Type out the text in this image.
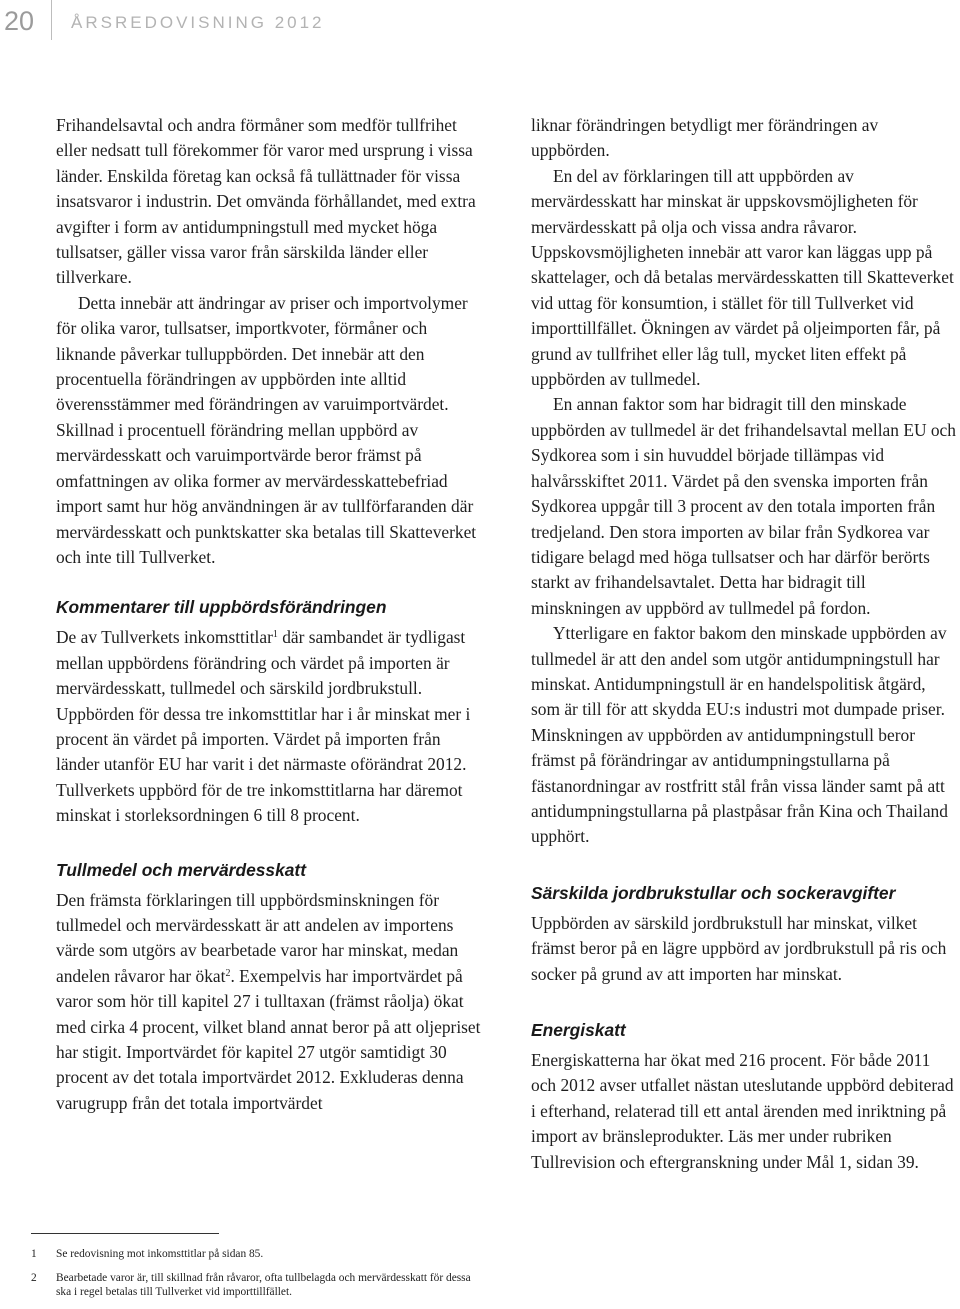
20 ÅRSREDOVISNING 2012

Frihandelsavtal och andra förmåner som medför tullfrihet eller nedsatt tull förekommer för varor med ursprung i vissa länder. Enskilda företag kan också få tullättnader för vissa insatsvaror i industrin. Det omvända förhållandet, med extra avgifter i form av antidumpningstull med mycket höga tullsatser, gäller vissa varor från särskilda länder eller tillverkare.

Detta innebär att ändringar av priser och importvolymer för olika varor, tullsatser, importkvoter, förmåner och liknande påverkar tulluppbörden. Det innebär att den procentuella förändringen av uppbörden inte alltid överensstämmer med förändringen av varuimportvärdet. Skillnad i procentuell förändring mellan uppbörd av mervärdesskatt och varuimportvärde beror främst på omfattningen av olika former av mervärdesskattebefriad import samt hur hög användningen är av tullförfaranden där mervärdesskatt och punktskatter ska betalas till Skatteverket och inte till Tullverket.

Kommentarer till uppbördsförändringen

De av Tullverkets inkomsttitlar$^1$ där sambandet är tydligast mellan uppbördens förändring och värdet på importen är mervärdesskatt, tullmedel och särskild jordbrukstull. Uppbörden för dessa tre inkomsttitlar har i år minskat mer i procent än värdet på importen. Värdet på importen från länder utanför EU har varit i det närmaste oförändrat 2012. Tullverkets uppbörd för de tre inkomsttitlarna har däremot minskat i storleksordningen 6 till 8 procent.

Tullmedel och mervärdesskatt

Den främsta förklaringen till uppbördsminskningen för tullmedel och mervärdesskatt är att andelen av importens värde som utgörs av bearbetade varor har minskat, medan andelen råvaror har ökat$^2$. Exempelvis har importvärdet på varor som hör till kapitel 27 i tulltaxan (främst råolja) ökat med cirka 4 procent, vilket bland annat beror på att oljepriset har stigit. Importvärdet för kapitel 27 utgör samtidigt 30 procent av det totala importvärdet 2012. Exkluderas denna varugrupp från det totala importvärdet

liknar förändringen betydligt mer förändringen av uppbörden.

En del av förklaringen till att uppbörden av mervärdesskatt har minskat är uppskovsmöjligheten för mervärdesskatt på olja och vissa andra råvaror. Uppskovsmöjligheten innebär att varor kan läggas upp på skattelager, och då betalas mervärdesskatten till Skatteverket vid uttag för konsumtion, i stället för till Tullverket vid importtillfället. Ökningen av värdet på oljeimporten får, på grund av tullfrihet eller låg tull, mycket liten effekt på uppbörden av tullmedel.

En annan faktor som har bidragit till den minskade uppbörden av tullmedel är det frihandelsavtal mellan EU och Sydkorea som i sin huvuddel började tillämpas vid halvårsskiftet 2011. Värdet på den svenska importen från Sydkorea uppgår till 3 procent av den totala importen från tredjeland. Den stora importen av bilar från Sydkorea var tidigare belagd med höga tullsatser och har därför berörts starkt av frihandelsavtalet. Detta har bidragit till minskningen av uppbörd av tullmedel på fordon.

Ytterligare en faktor bakom den minskade uppbörden av tullmedel är att den andel som utgör antidumpningstull har minskat. Antidumpningstull är en handelspolitisk åtgärd, som är till för att skydda EU:s industri mot dumpade priser. Minskningen av uppbörden av antidumpningstull beror främst på förändringar av antidumpningstullarna på fästanordningar av rostfritt stål från vissa länder samt på att antidumpningstullarna på plastpåsar från Kina och Thailand upphört.

Särskilda jordbrukstullar och sockeravgifter

Uppbörden av särskild jordbrukstull har minskat, vilket främst beror på en lägre uppbörd av jordbrukstull på ris och socker på grund av att importen har minskat.

Energiskatt

Energiskatterna har ökat med 216 procent. För både 2011 och 2012 avser utfallet nästan uteslutande uppbörd debiterad i efterhand, relaterad till ett antal ärenden med inriktning på import av bränsleprodukter. Läs mer under rubriken Tullrevision och eftergranskning under Mål 1, sidan 39.

1 Se redovisning mot inkomsttitlar på sidan 85.
2 Bearbetade varor är, till skillnad från råvaror, ofta tullbelagda och mervärdesskatt för dessa ska i regel betalas till Tullverket vid importtillfället.
